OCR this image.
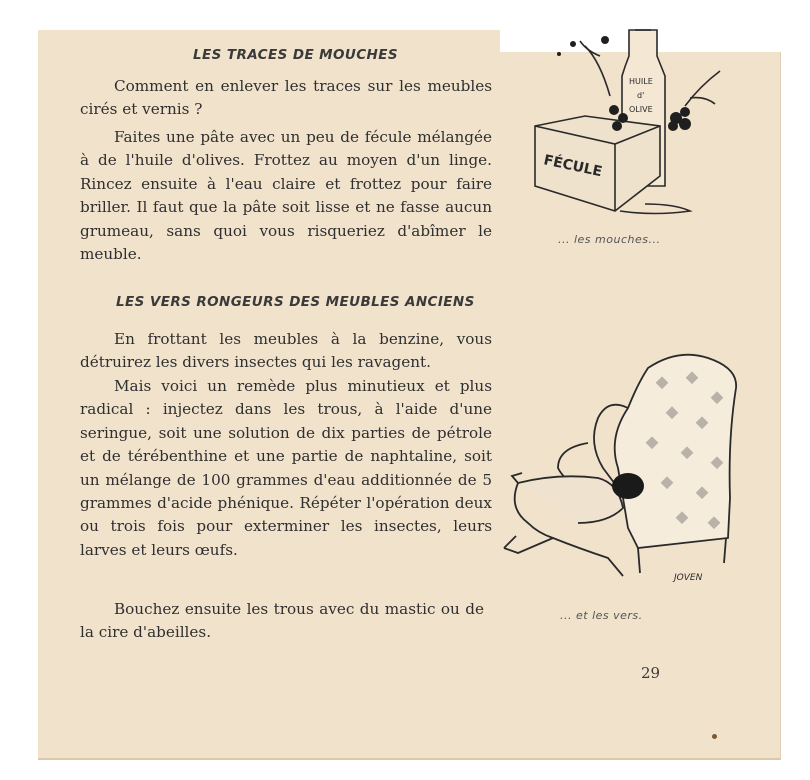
LES TRACES DE MOUCHES

Comment en enlever les traces sur les meubles cirés et vernis ?

Faites une pâte avec un peu de fécule mélangée à de l'huile d'olives. Frottez au moyen d'un linge. Rincez ensuite à l'eau claire et frottez pour faire briller. Il faut que la pâte soit lisse et ne fasse aucun grumeau, sans quoi vous risqueriez d'abîmer le meuble.

LES VERS RONGEURS DES MEUBLES ANCIENS

En frottant les meubles à la benzine, vous détruirez les divers insectes qui les ravagent.

Mais voici un remède plus minutieux et plus radical : injectez dans les trous, à l'aide d'une seringue, soit une solution de dix parties de pétrole et de térébenthine et une partie de naphtaline, soit un mélange de 100 grammes d'eau additionnée de 5 grammes d'acide phénique. Répéter l'opération deux ou trois fois pour exterminer les insectes, leurs larves et leurs œufs.

Bouchez ensuite les trous avec du mastic ou de la cire d'abeilles.

HUILE
d'
OLIVE
FÉCULE
... les mouches...
JOVEN
... et les vers.
29
